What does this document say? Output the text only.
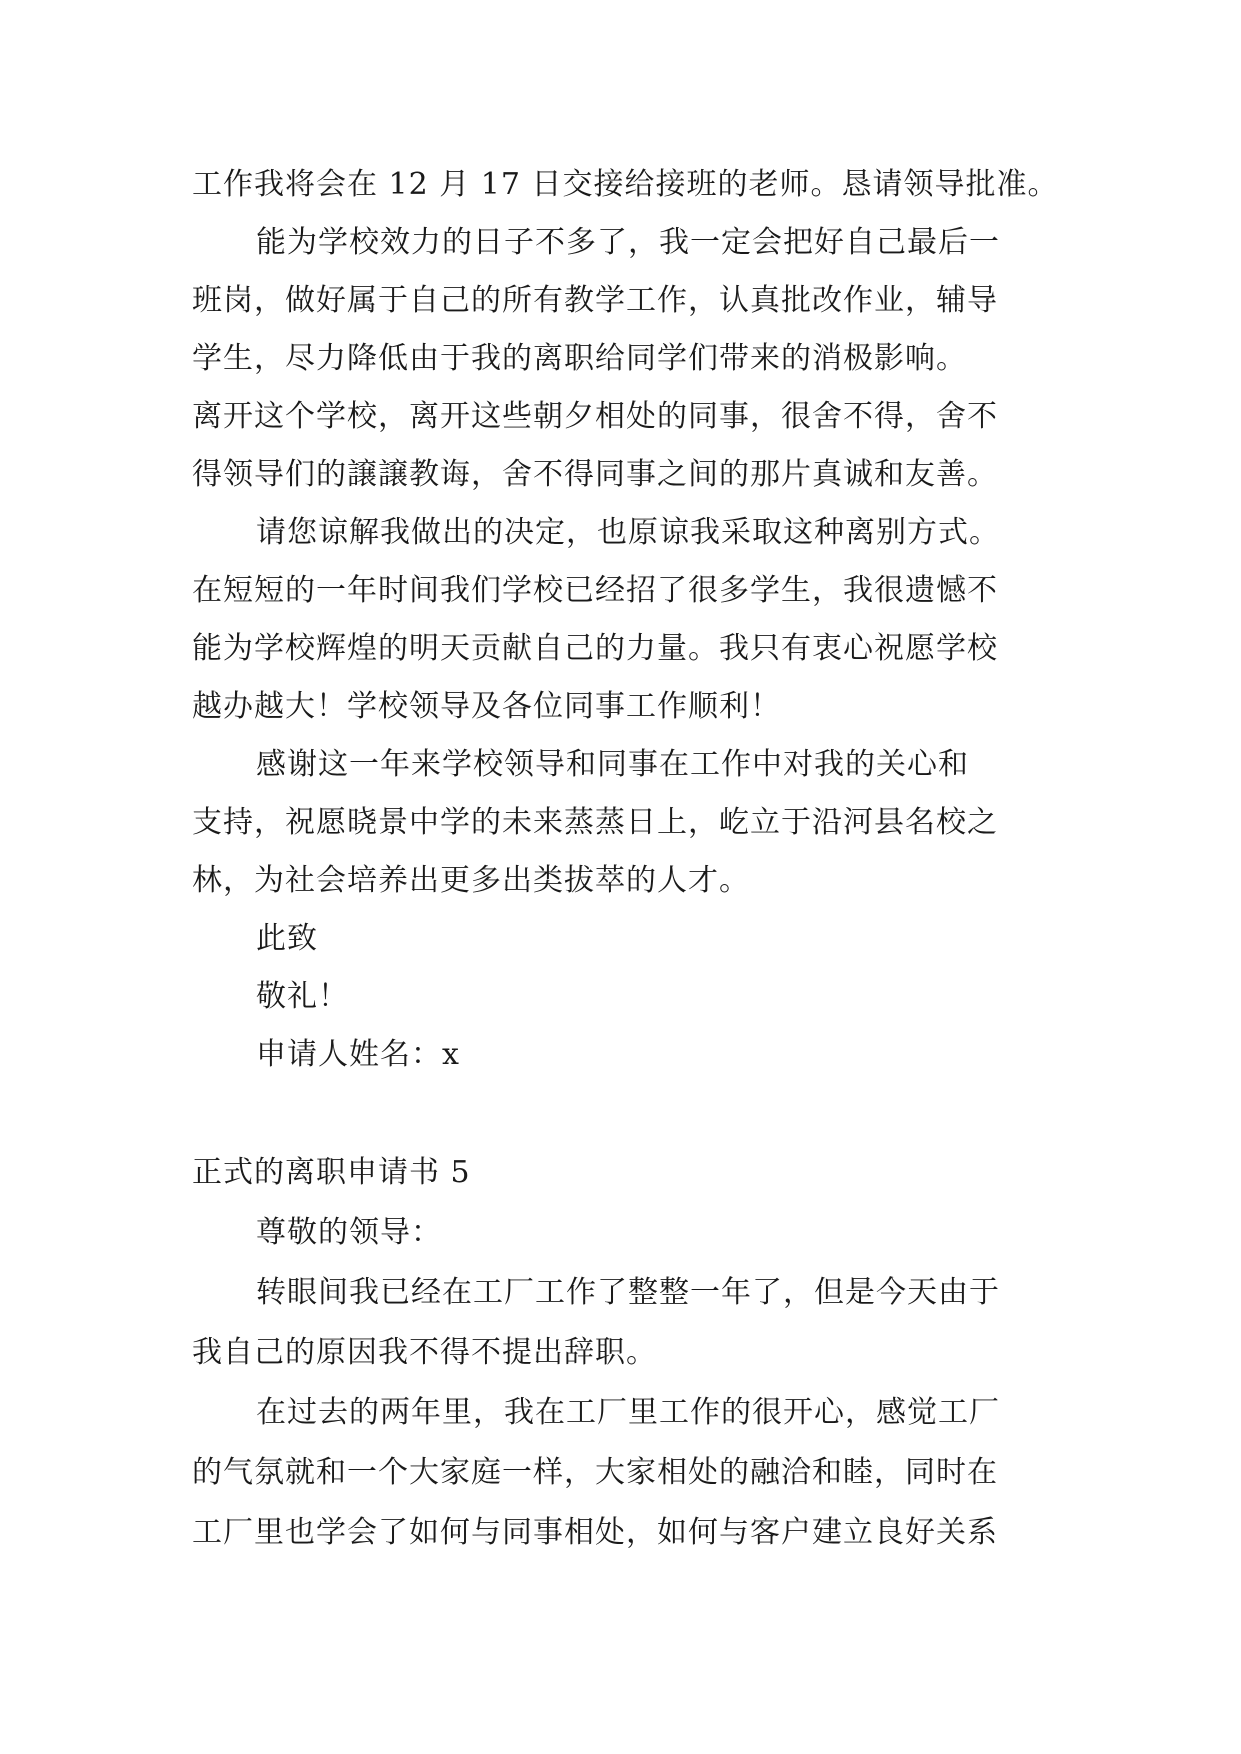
工作我将会在 12 月 17 日交接给接班的老师。恳请领导批准。
能为学校效力的日子不多了，我一定会把好自己最后一
班岗，做好属于自己的所有教学工作，认真批改作业，辅导
学生，尽力降低由于我的离职给同学们带来的消极影响。
离开这个学校，离开这些朝夕相处的同事，很舍不得，舍不
得领导们的譲譲教诲，舍不得同事之间的那片真诚和友善。
请您谅解我做出的决定，也原谅我采取这种离别方式。
在短短的一年时间我们学校已经招了很多学生，我很遗憾不
能为学校辉煌的明天贡献自己的力量。我只有衷心祝愿学校
越办越大！学校领导及各位同事工作顺利！
感谢这一年来学校领导和同事在工作中对我的关心和
支持，祝愿晓景中学的未来蒸蒸日上，屹立于沿河县名校之
林，为社会培养出更多出类拔萃的人才。
此致
敬礼！
申请人姓名：x
正式的离职申请书 5
尊敬的领导：
转眼间我已经在工厂工作了整整一年了，但是今天由于
我自己的原因我不得不提出辞职。
在过去的两年里，我在工厂里工作的很开心，感觉工厂
的气氛就和一个大家庭一样，大家相处的融洽和睦，同时在
工厂里也学会了如何与同事相处，如何与客户建立良好关系
